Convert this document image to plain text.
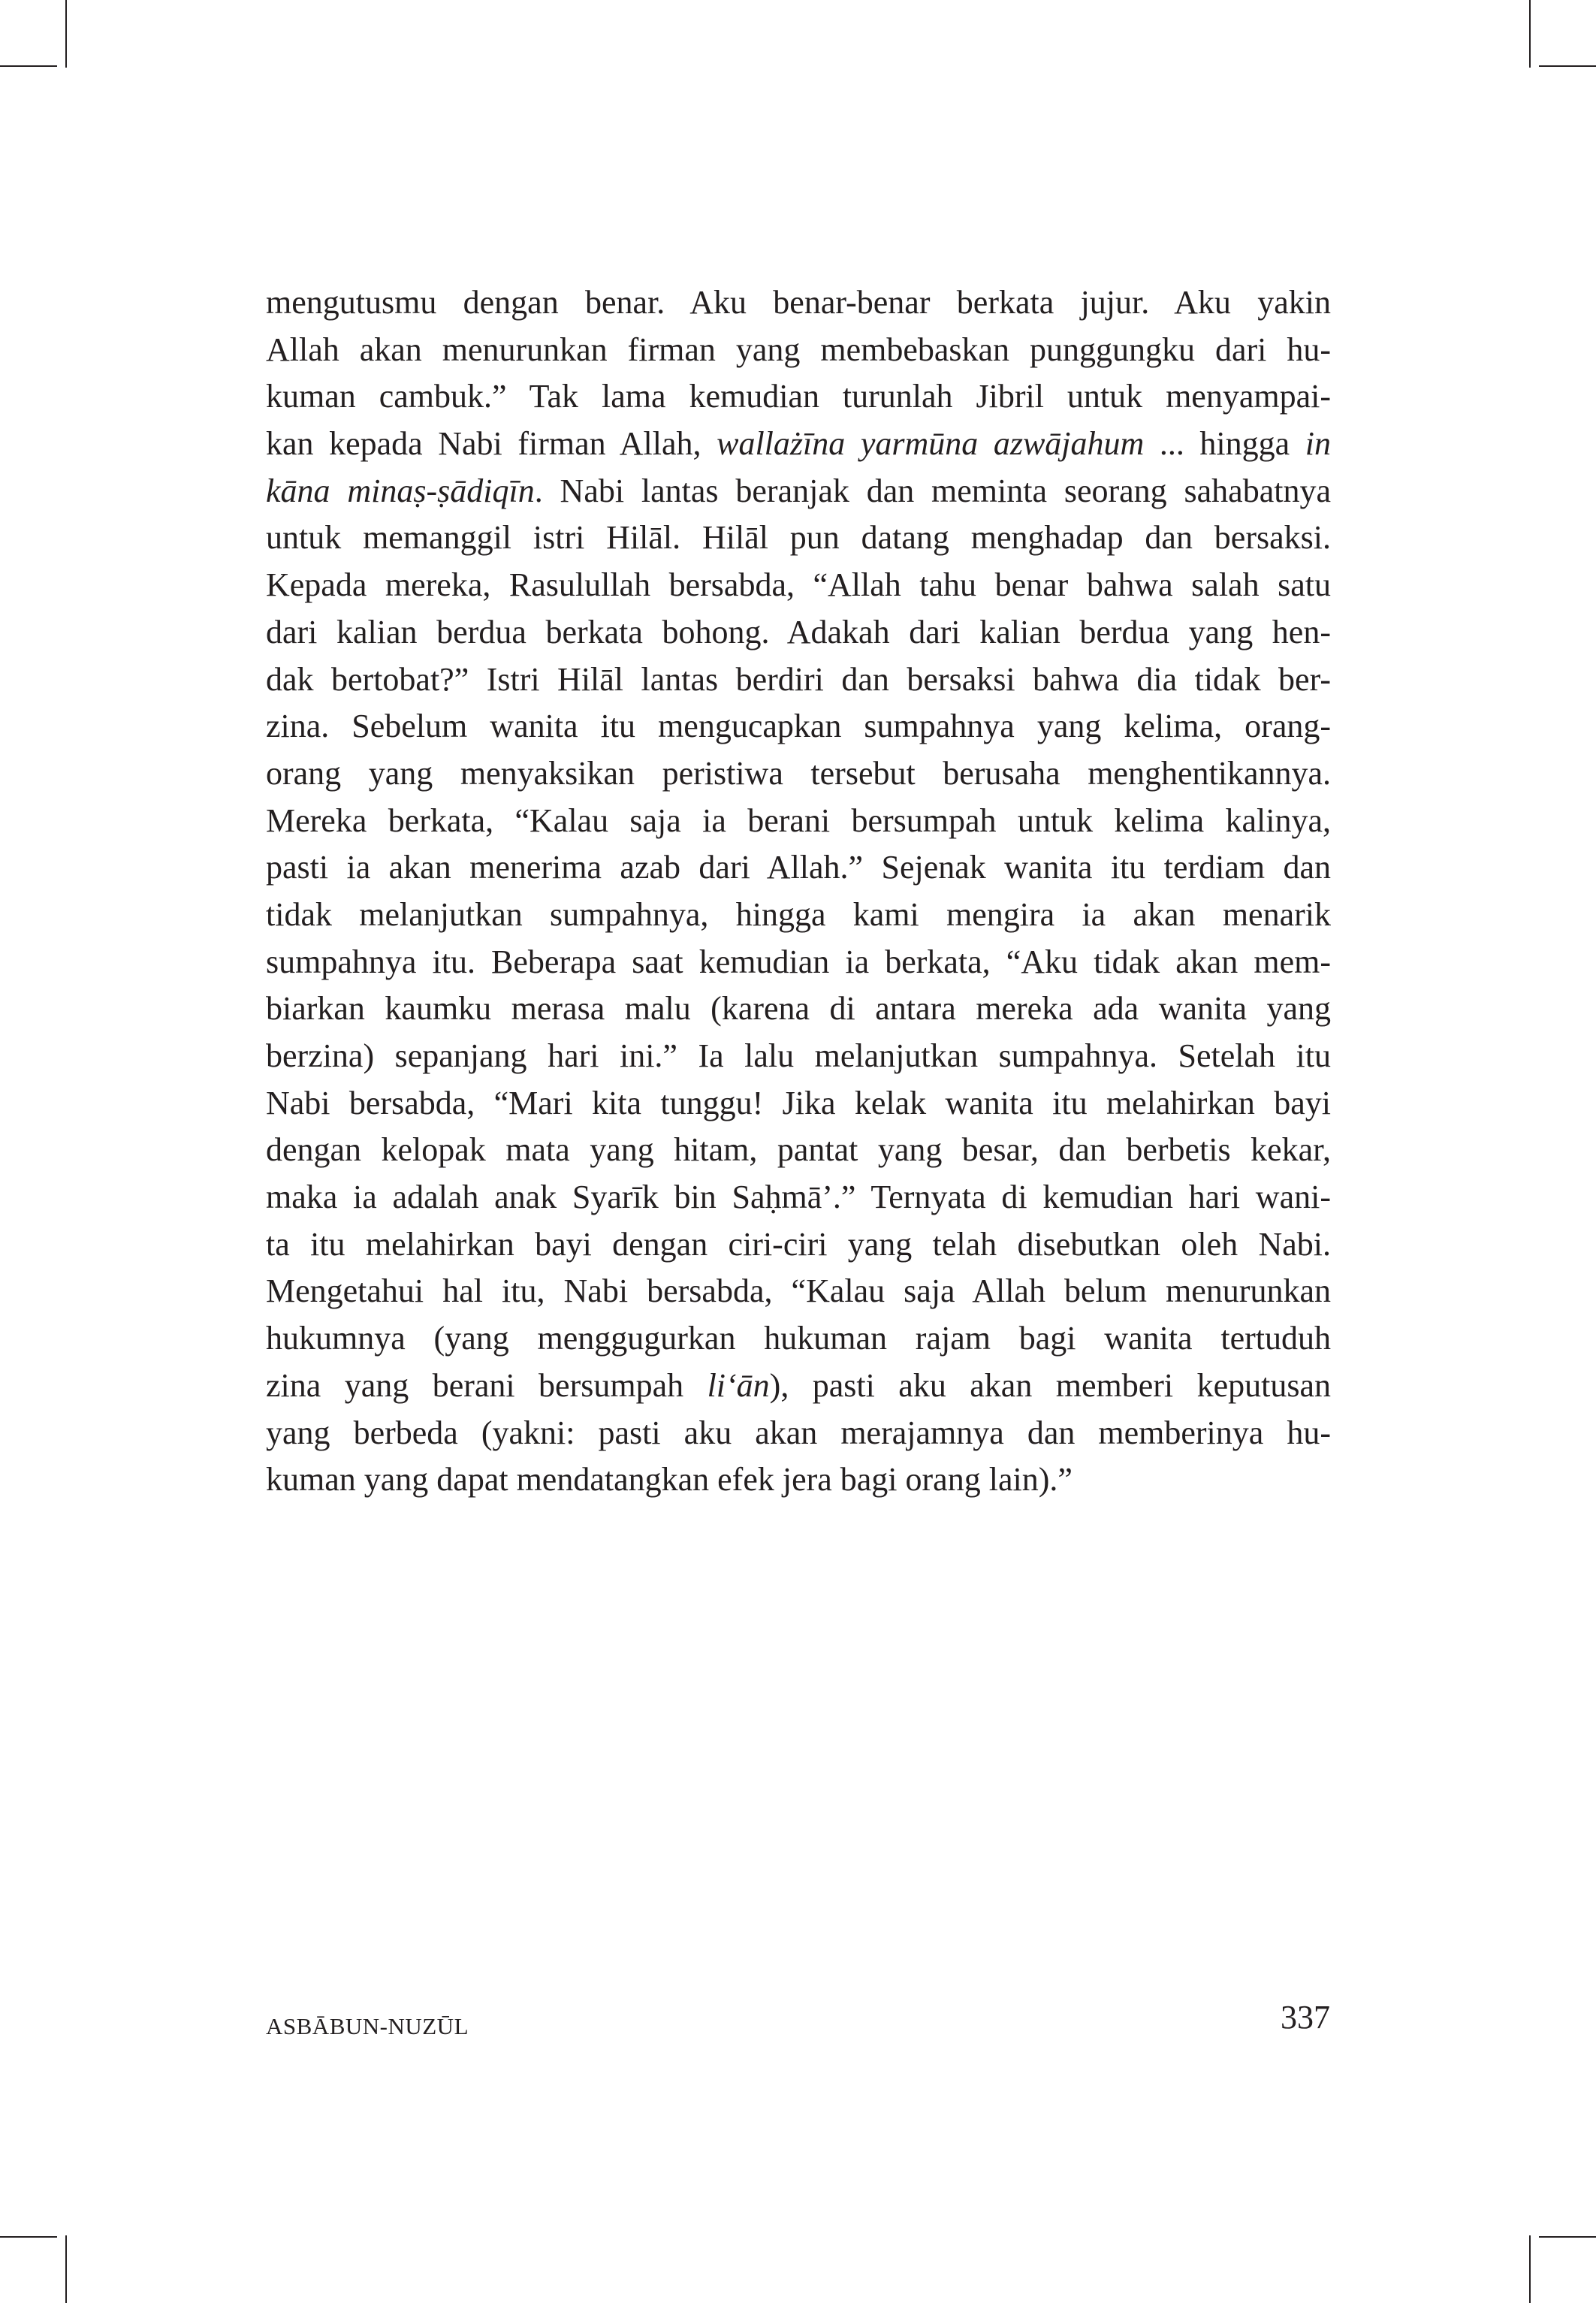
mengutusmu dengan benar. Aku benar-benar berkata jujur. Aku yakin
Allah akan menurunkan firman yang membebaskan punggungku dari hu-
kuman cambuk.” Tak lama kemudian turunlah Jibril untuk menyampai-
kan kepada Nabi firman Allah, wallażīna yarmūna azwājahum ... hingga in
kāna minaṣ-ṣādiqīn. Nabi lantas beranjak dan meminta seorang sahabatnya
untuk memanggil istri Hilāl. Hilāl pun datang menghadap dan bersaksi.
Kepada mereka, Rasulullah bersabda, “Allah tahu benar bahwa salah satu
dari kalian berdua berkata bohong. Adakah dari kalian berdua yang hen-
dak bertobat?” Istri Hilāl lantas berdiri dan bersaksi bahwa dia tidak ber-
zina. Sebelum wanita itu mengucapkan sumpahnya yang kelima, orang-
orang yang menyaksikan peristiwa tersebut berusaha menghentikannya.
Mereka berkata, “Kalau saja ia berani bersumpah untuk kelima kalinya,
pasti ia akan menerima azab dari Allah.” Sejenak wanita itu terdiam dan
tidak melanjutkan sumpahnya, hingga kami mengira ia akan menarik
sumpahnya itu. Beberapa saat kemudian ia berkata, “Aku tidak akan mem-
biarkan kaumku merasa malu (karena di antara mereka ada wanita yang
berzina) sepanjang hari ini.” Ia lalu melanjutkan sumpahnya. Setelah itu
Nabi bersabda, “Mari kita tunggu! Jika kelak wanita itu melahirkan bayi
dengan kelopak mata yang hitam, pantat yang besar, dan berbetis kekar,
maka ia adalah anak Syarīk bin Saḥmā’.” Ternyata di kemudian hari wani-
ta itu melahirkan bayi dengan ciri-ciri yang telah disebutkan oleh Nabi.
Mengetahui hal itu, Nabi bersabda, “Kalau saja Allah belum menurunkan
hukumnya (yang menggugurkan hukuman rajam bagi wanita tertuduh
zina yang berani bersumpah li‘ān), pasti aku akan memberi keputusan
yang berbeda (yakni: pasti aku akan merajamnya dan memberinya hu-
kuman yang dapat mendatangkan efek jera bagi orang lain).”
ASBĀBUN-NUZŪL	337
